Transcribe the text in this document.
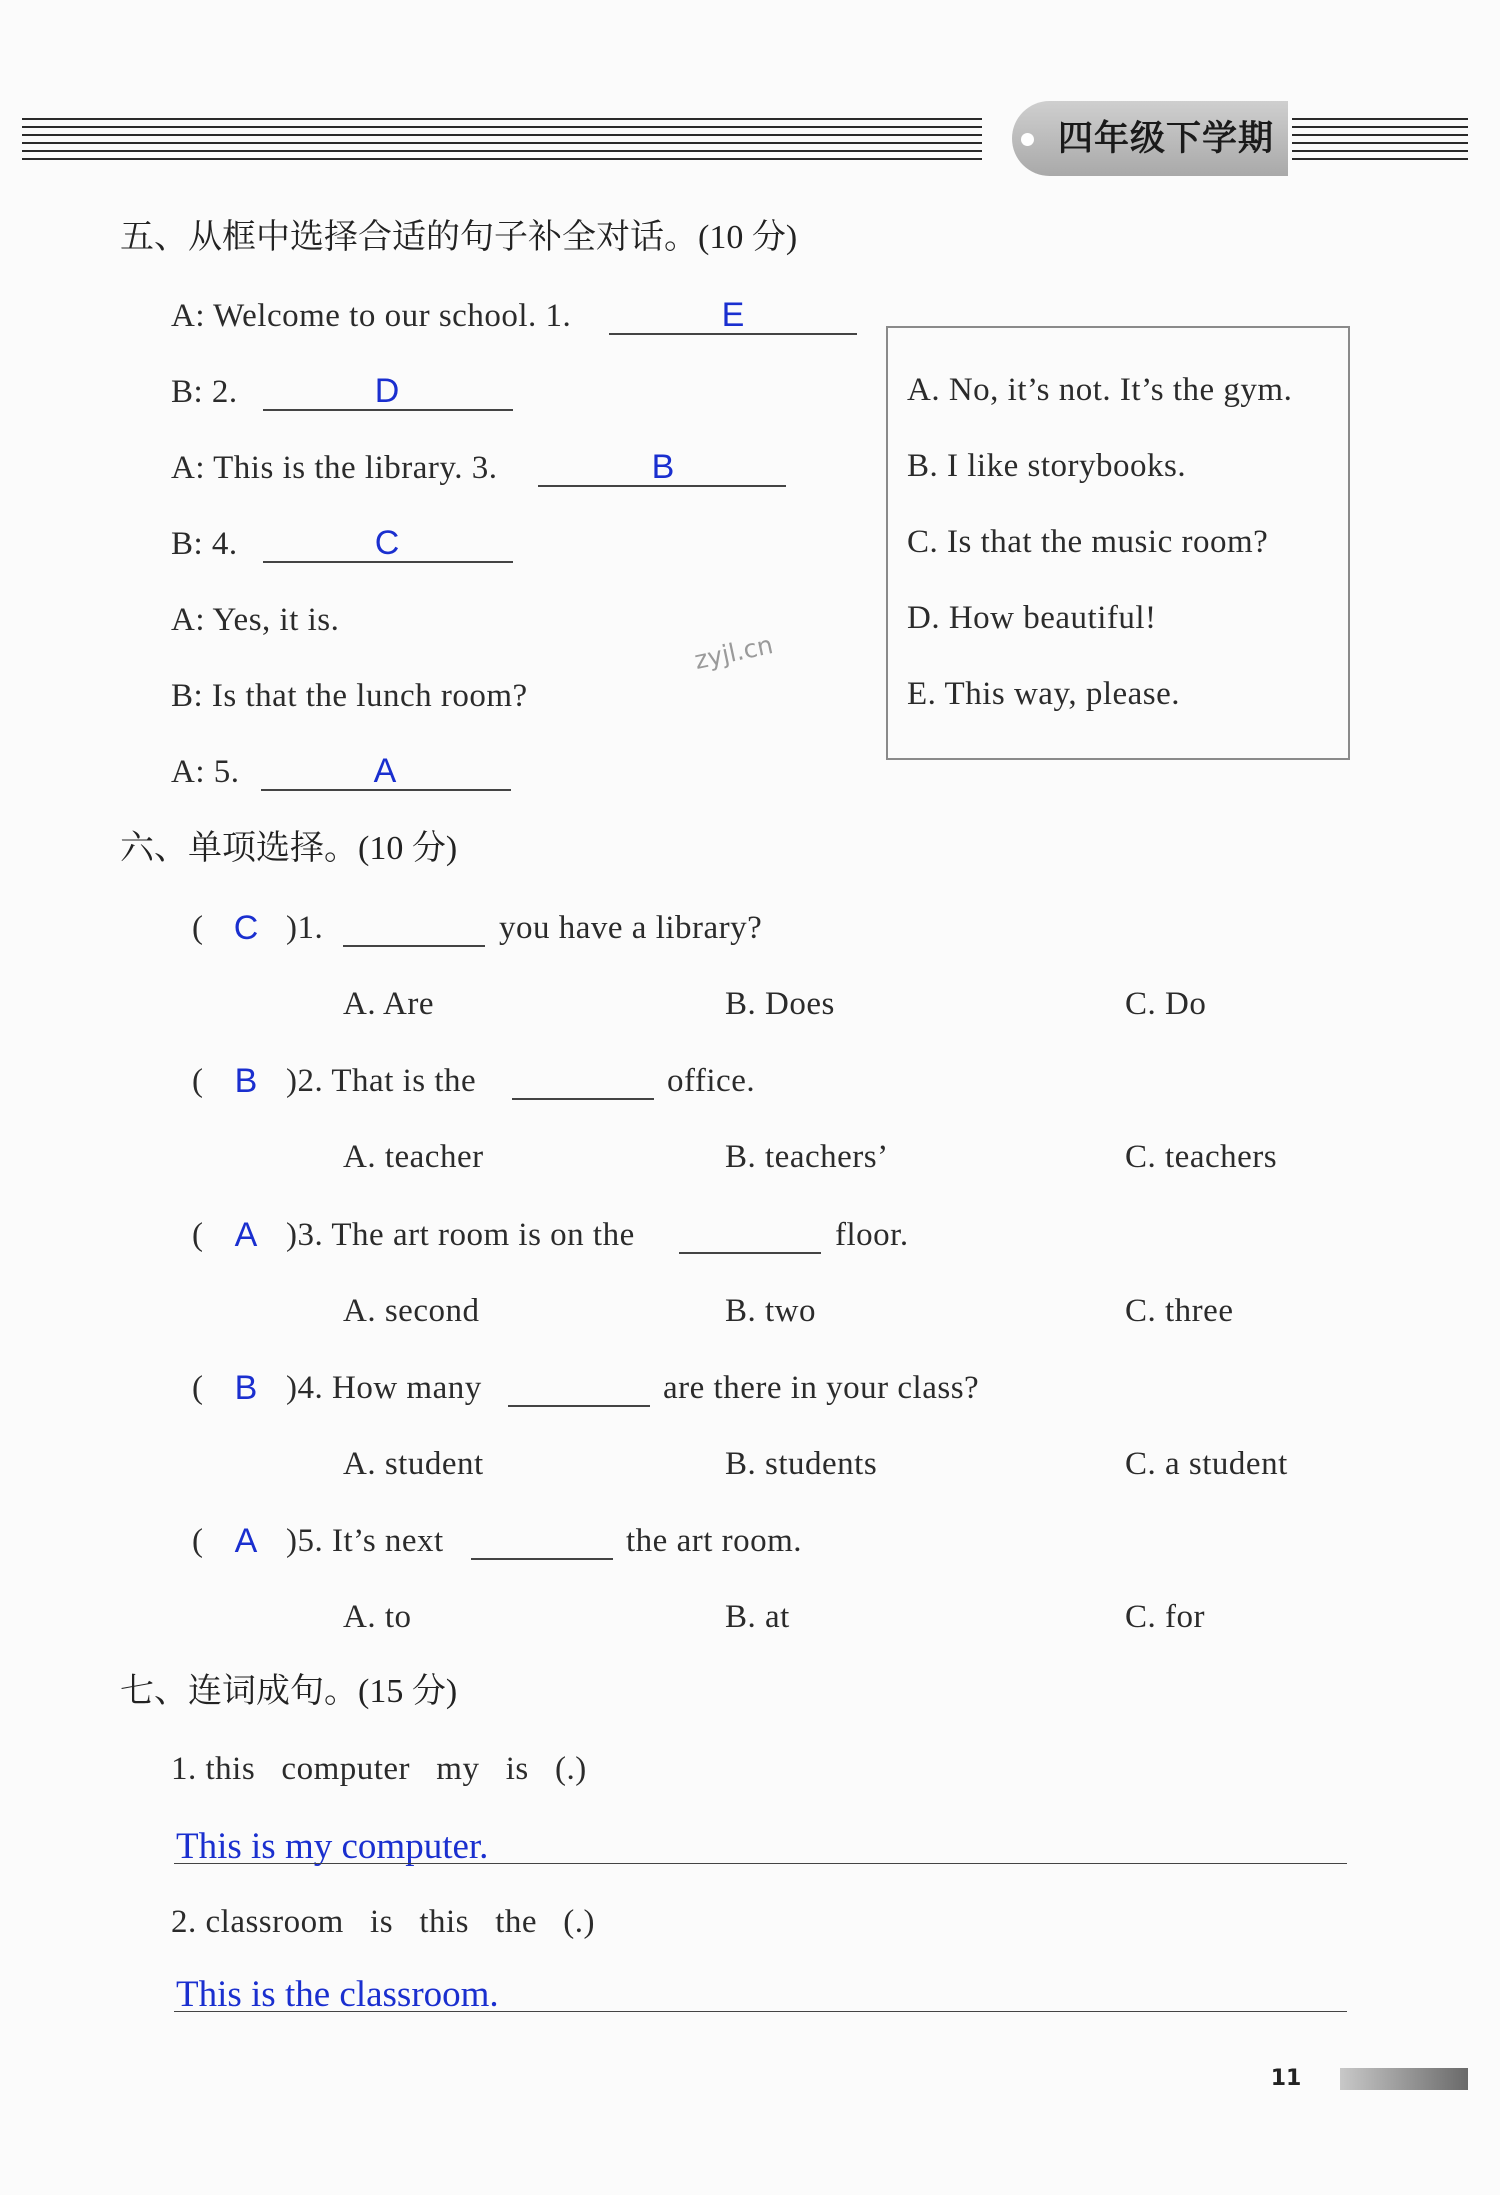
四年级下学期
五、从框中选择合适的句子补全对话。(10 分)
A: Welcome to our school. 1.	E
B: 2.	D
A: This is the library. 3.	B
B: 4.	C
A: Yes, it is.
B: Is that the lunch room?
A: 5.	A
zyjl.cn
A. No, it’s not. It’s the gym.
B. I like storybooks.
C. Is that the music room?
D. How beautiful!
E. This way, please.
六、单项选择。(10 分)
( C )1.	you have a library?
A. Are	B. Does	C. Do
( B )2. That is the	office.
A. teacher	B. teachers’	C. teachers
( A )3. The art room is on the	floor.
A. second	B. two	C. three
( B )4. How many	are there in your class?
A. student	B. students	C. a student
( A )5. It’s next	the art room.
A. to	B. at	C. for
七、连词成句。(15 分)
1. this   computer   my   is   (.)
This is my computer.
2. classroom   is   this   the   (.)
This is the classroom.
11
